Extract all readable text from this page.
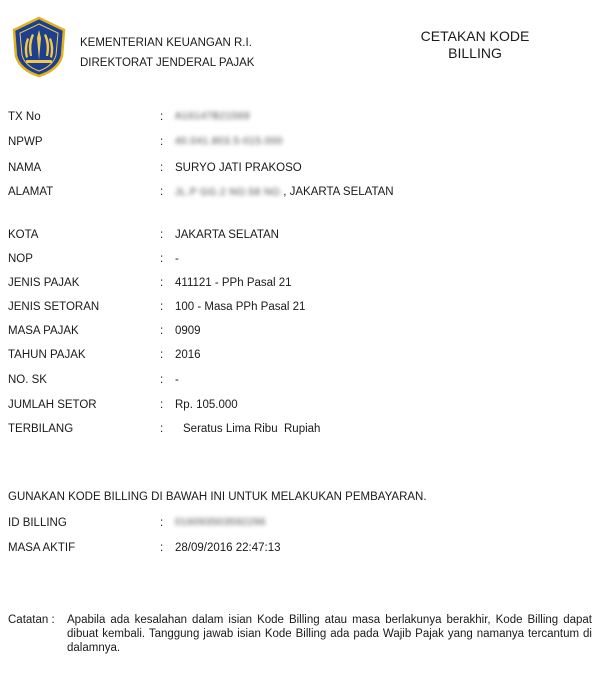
KEMENTERIAN KEUANGAN R.I.
DIREKTORAT JENDERAL PAJAK
CETAKAN KODE
BILLING
TX No	: A16147B21569
NPWP	: 40.041.803.5-015.000
NAMA	: SURYO JATI PRAKOSO
ALAMAT	: JL.P GG.2 NO.58 NO., JAKARTA SELATAN
KOTA	: JAKARTA SELATAN
NOP	: -
JENIS PAJAK	: 411121 - PPh Pasal 21
JENIS SETORAN	: 100 - Masa PPh Pasal 21
MASA PAJAK	: 0909
TAHUN PAJAK	: 2016
NO. SK	: -
JUMLAH SETOR	: Rp. 105.000
TERBILANG	: Seratus Lima Ribu  Rupiah
GUNAKAN KODE BILLING DI BAWAH INI UNTUK MELAKUKAN PEMBAYARAN.
ID BILLING	: 016093503592296
MASA AKTIF	: 28/09/2016 22:47:13
Catatan : Apabila ada kesalahan dalam isian Kode Billing atau masa berlakunya berakhir, Kode Billing dapat dibuat kembali. Tanggung jawab isian Kode Billing ada pada Wajib Pajak yang namanya tercantum di dalamnya.
